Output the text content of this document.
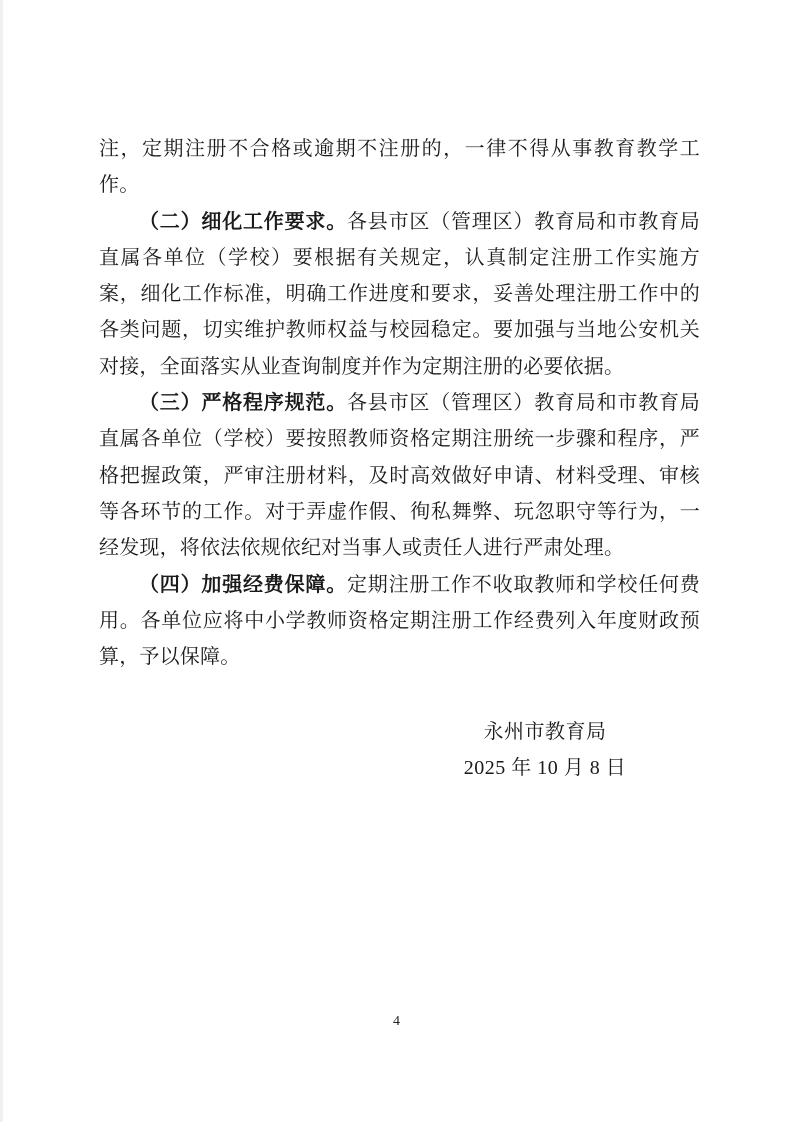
注，定期注册不合格或逾期不注册的，一律不得从事教育教学工
作。
（二）细化工作要求。各县市区（管理区）教育局和市教育局
直属各单位（学校）要根据有关规定，认真制定注册工作实施方
案，细化工作标准，明确工作进度和要求，妥善处理注册工作中的
各类问题，切实维护教师权益与校园稳定。要加强与当地公安机关
对接，全面落实从业查询制度并作为定期注册的必要依据。
（三）严格程序规范。各县市区（管理区）教育局和市教育局
直属各单位（学校）要按照教师资格定期注册统一步骤和程序，严
格把握政策，严审注册材料，及时高效做好申请、材料受理、审核
等各环节的工作。对于弄虚作假、徇私舞弊、玩忽职守等行为，一
经发现，将依法依规依纪对当事人或责任人进行严肃处理。
（四）加强经费保障。定期注册工作不收取教师和学校任何费
用。各单位应将中小学教师资格定期注册工作经费列入年度财政预
算，予以保障。
永州市教育局
2025 年 10 月 8 日
4
